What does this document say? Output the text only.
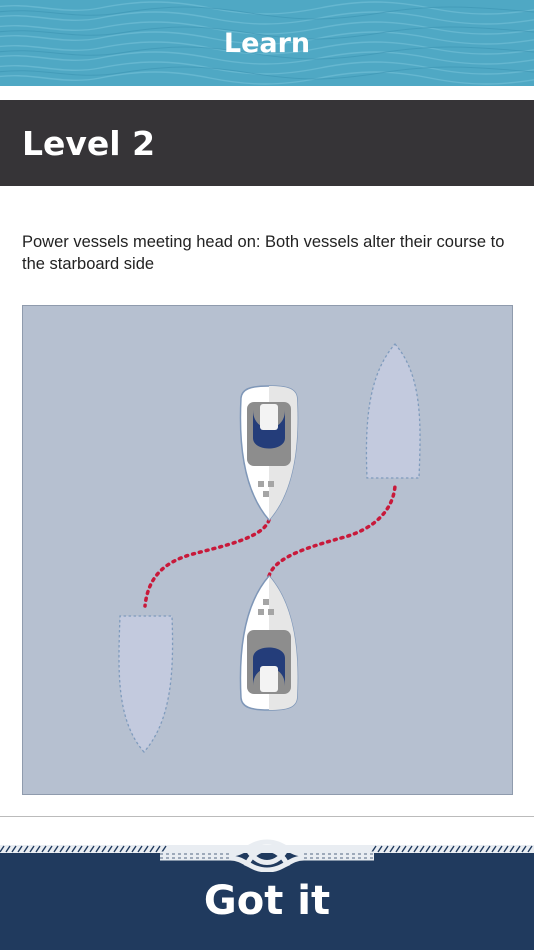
Learn
Level 2
Power vessels meeting head on: Both vessels alter their course to the starboard side
Got it
